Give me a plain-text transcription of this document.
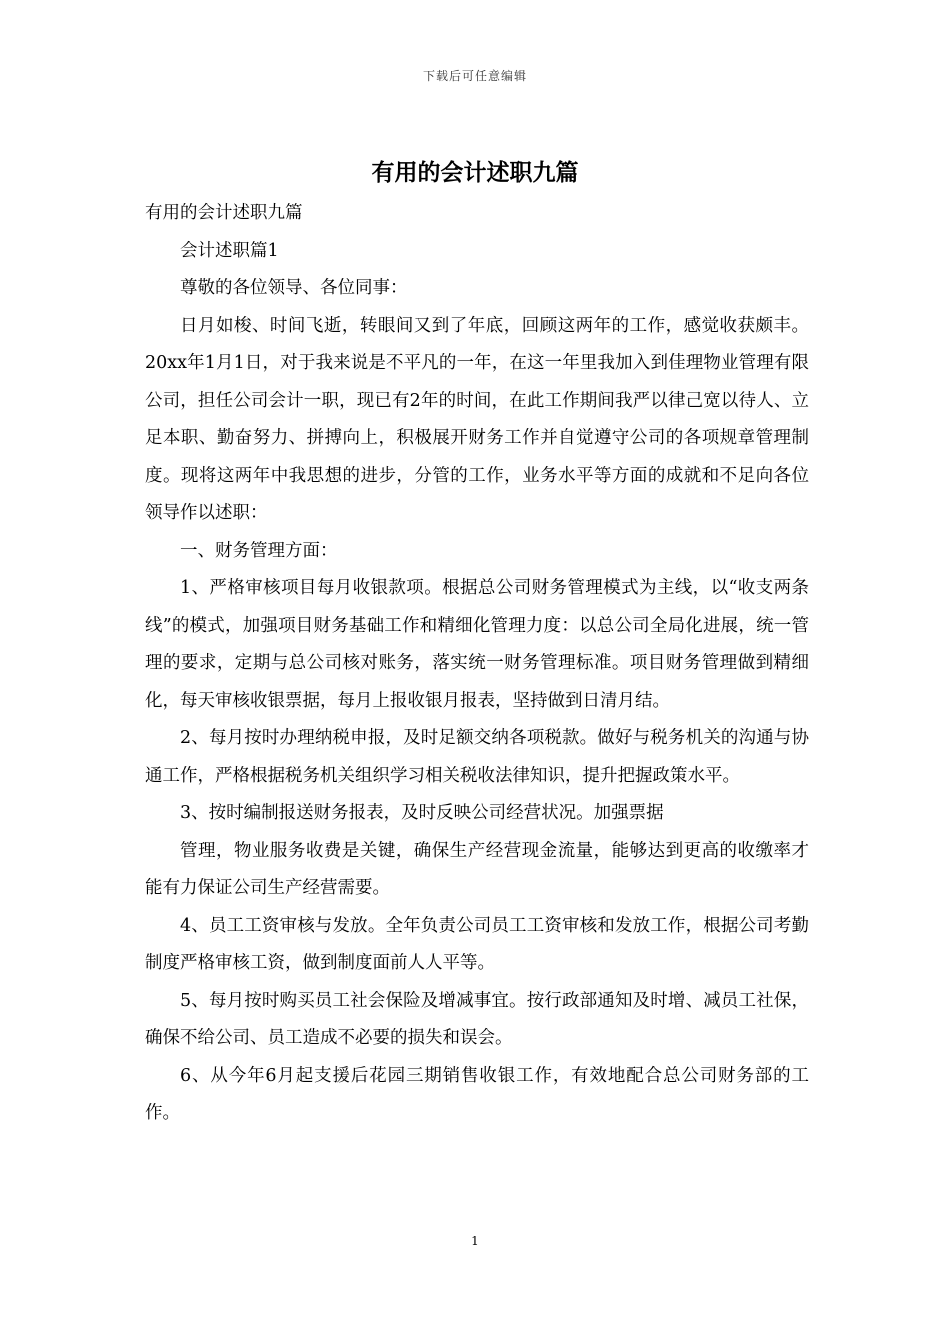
下载后可任意编辑
有用的会计述职九篇

有用的会计述职九篇

会计述职篇1

尊敬的各位领导、各位同事：

日月如梭、时间飞逝，转眼间又到了年底，回顾这两年的工作，感觉收获颇丰。20xx年1月1日，对于我来说是不平凡的一年，在这一年里我加入到佳理物业管理有限公司，担任公司会计一职，现已有2年的时间，在此工作期间我严以律己宽以待人、立足本职、勤奋努力、拼搏向上，积极展开财务工作并自觉遵守公司的各项规章管理制度。现将这两年中我思想的进步，分管的工作，业务水平等方面的成就和不足向各位领导作以述职：

一、财务管理方面：

1、严格审核项目每月收银款项。根据总公司财务管理模式为主线，以“收支两条线”的模式，加强项目财务基础工作和精细化管理力度：以总公司全局化进展，统一管理的要求，定期与总公司核对账务，落实统一财务管理标准。项目财务管理做到精细化，每天审核收银票据，每月上报收银月报表，坚持做到日清月结。

2、每月按时办理纳税申报，及时足额交纳各项税款。做好与税务机关的沟通与协通工作，严格根据税务机关组织学习相关税收法律知识，提升把握政策水平。

3、按时编制报送财务报表，及时反映公司经营状况。加强票据

管理，物业服务收费是关键，确保生产经营现金流量，能够达到更高的收缴率才能有力保证公司生产经营需要。

4、员工工资审核与发放。全年负责公司员工工资审核和发放工作，根据公司考勤制度严格审核工资，做到制度面前人人平等。

5、每月按时购买员工社会保险及增减事宜。按行政部通知及时增、减员工社保，确保不给公司、员工造成不必要的损失和误会。

6、从今年6月起支援后花园三期销售收银工作，有效地配合总公司财务部的工作。

1
